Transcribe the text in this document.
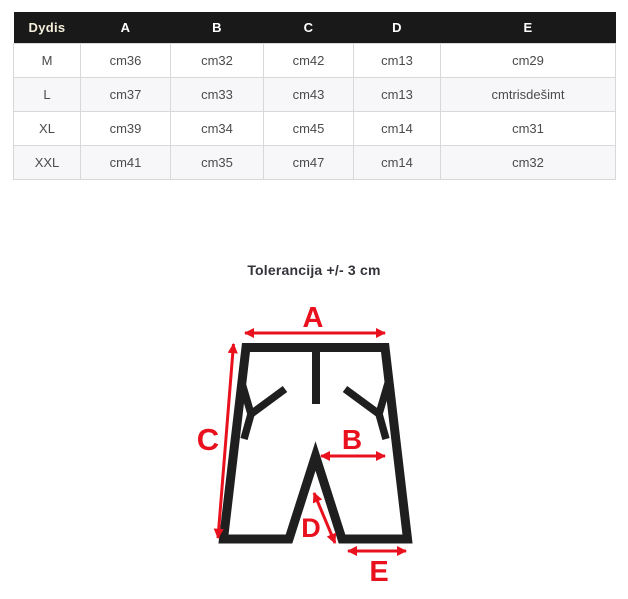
Dydis	A	B	C	D	E
M	cm36	cm32	cm42	cm13	cm29
L	cm37	cm33	cm43	cm13	cmtrisdešimt
XL	cm39	cm34	cm45	cm14	cm31
XXL	cm41	cm35	cm47	cm14	cm32
Tolerancija +/- 3 cm
A
B
C
D
E
